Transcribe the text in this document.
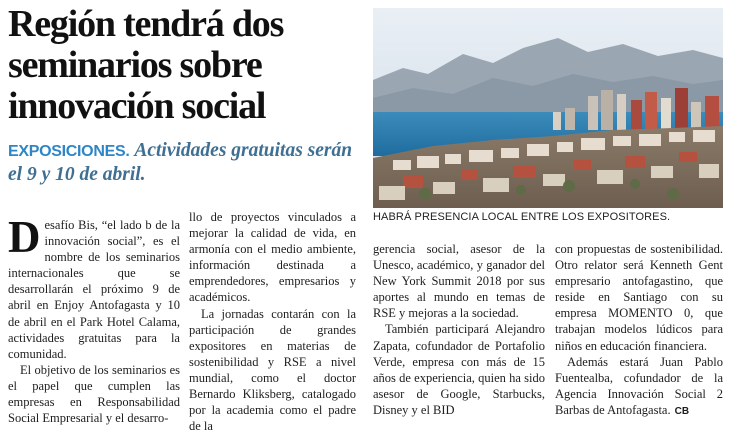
Región tendrá dos seminarios sobre innovación social
EXPOSICIONES. Actividades gratuitas serán el 9 y 10 de abril.
HABRÁ PRESENCIA LOCAL ENTRE LOS EXPOSITORES.

Desafío Bis, “el lado b de la innovación social”, es el nombre de los seminarios internacionales que se desarrollarán el próximo 9 de abril en Enjoy Antofagasta y 10 de abril en el Park Hotel Calama, actividades gratuitas para la comunidad.

El objetivo de los seminarios es el papel que cumplen las empresas en Responsabilidad Social Empresarial y el desarro-

llo de proyectos vinculados a mejorar la calidad de vida, en armonía con el medio ambiente, información destinada a emprendedores, empresarios y académicos.

La jornadas contarán con la participación de grandes expositores en materias de sostenibilidad y RSE a nivel mundial, como el doctor Bernardo Kliksberg, catalogado por la academia como el padre de la

gerencia social, asesor de la Unesco, académico, y ganador del New York Summit 2018 por sus aportes al mundo en temas de RSE y mejoras a la sociedad.

También participará Alejandro Zapata, cofundador de Portafolio Verde, empresa con más de 15 años de experiencia, quien ha sido asesor de Google, Starbucks, Disney y el BID

con propuestas de sostenibilidad. Otro relator será Kenneth Gent empresario antofagastino, que reside en Santiago con su empresa MOMENTO 0, que trabajan modelos lúdicos para niños en educación financiera.

Además estará Juan Pablo Fuentealba, cofundador de la Agencia Innovación Social 2 Barbas de Antofagasta. CB
